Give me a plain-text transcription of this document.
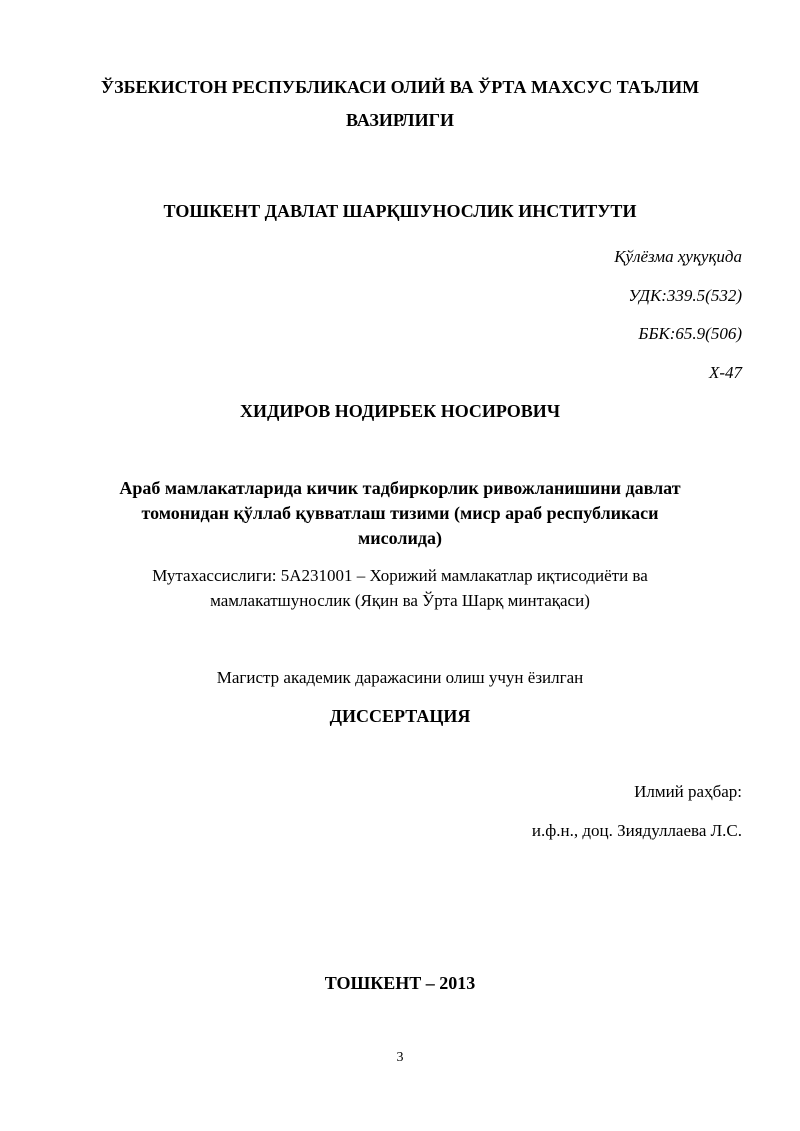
ЎЗБЕКИСТОН РЕСПУБЛИКАСИ ОЛИЙ ВА ЎРТА МАХСУС ТАЪЛИМ
ВАЗИРЛИГИ
ТОШКЕНТ ДАВЛАТ ШАРҚШУНОСЛИК ИНСТИТУТИ
Қўлёзма ҳуқуқида
УДК:339.5(532)
ББК:65.9(506)
Х-47
ХИДИРОВ НОДИРБЕК НОСИРОВИЧ
Араб мамлакатларида кичик тадбиркорлик ривожланишини давлат
томонидан қўллаб қувватлаш тизими (миср араб республикаси
мисолида)
Мутахассислиги: 5А231001 – Хорижий мамлакатлар иқтисодиёти ва
мамлакатшунослик (Яқин ва Ўрта Шарқ минтақаси)
Магистр академик даражасини олиш учун ёзилган
ДИССЕРТАЦИЯ
Илмий раҳбар:
и.ф.н., доц. Зиядуллаева Л.С.
ТОШКЕНТ – 2013
3
